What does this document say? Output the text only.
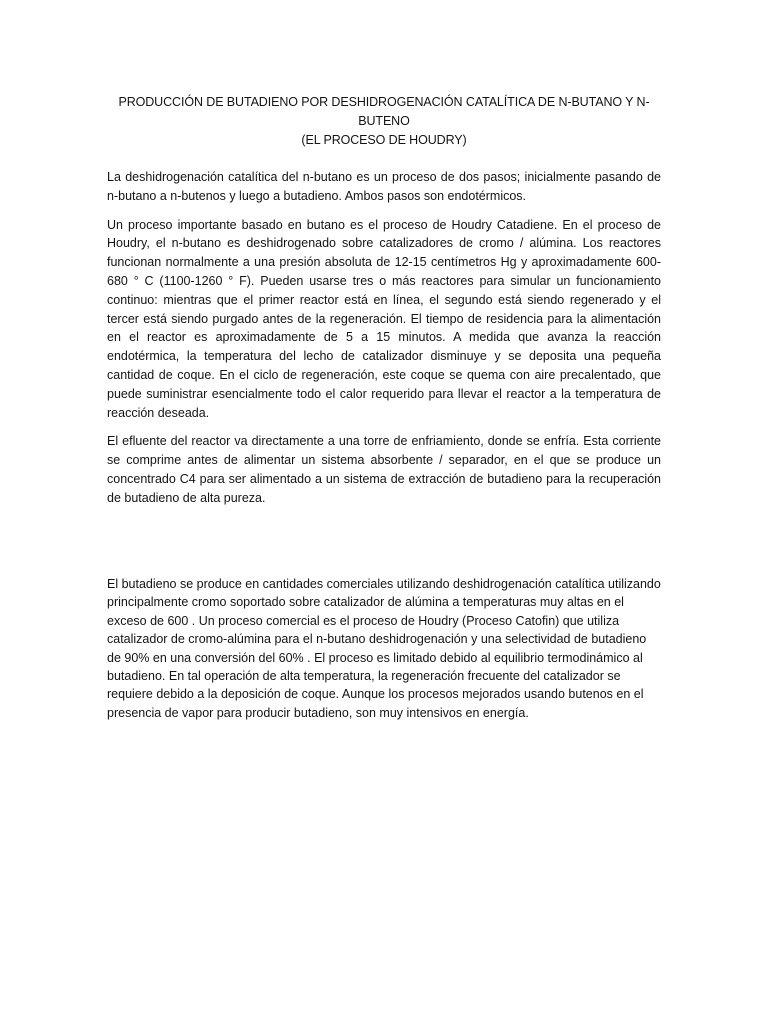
PRODUCCIÓN DE BUTADIENO POR DESHIDROGENACIÓN CATALÍTICA DE N-BUTANO Y N-BUTENO
(EL PROCESO DE HOUDRY)

La deshidrogenación catalítica del n-butano es un proceso de dos pasos; inicialmente pasando de n-butano a n-butenos y luego a butadieno. Ambos pasos son endotérmicos.

Un proceso importante basado en butano es el proceso de Houdry Catadiene. En el proceso de Houdry, el n-butano es deshidrogenado sobre catalizadores de cromo / alúmina. Los reactores funcionan normalmente a una presión absoluta de 12-15 centímetros Hg y aproximadamente 600-680 ° C (1100-1260 ° F). Pueden usarse tres o más reactores para simular un funcionamiento continuo: mientras que el primer reactor está en línea, el segundo está siendo regenerado y el tercer está siendo purgado antes de la regeneración. El tiempo de residencia para la alimentación en el reactor es aproximadamente de 5 a 15 minutos. A medida que avanza la reacción endotérmica, la temperatura del lecho de catalizador disminuye y se deposita una pequeña cantidad de coque. En el ciclo de regeneración, este coque se quema con aire precalentado, que puede suministrar esencialmente todo el calor requerido para llevar el reactor a la temperatura de reacción deseada.

El efluente del reactor va directamente a una torre de enfriamiento, donde se enfría. Esta corriente se comprime antes de alimentar un sistema absorbente / separador, en el que se produce un concentrado C4 para ser alimentado a un sistema de extracción de butadieno para la recuperación de butadieno de alta pureza.

El butadieno se produce en cantidades comerciales utilizando deshidrogenación catalítica utilizando principalmente cromo soportado sobre catalizador de alúmina a temperaturas muy altas en el exceso de 600 . Un proceso comercial es el proceso de Houdry (Proceso Catofin) que utiliza catalizador de cromo-alúmina para el n-butano deshidrogenación y una selectividad de butadieno de 90% en una conversión del 60% . El proceso es limitado debido al equilibrio termodinámico al butadieno. En tal operación de alta temperatura, la regeneración frecuente del catalizador se requiere debido a la deposición de coque. Aunque los procesos mejorados usando butenos en el presencia de vapor para producir butadieno, son muy intensivos en energía.
